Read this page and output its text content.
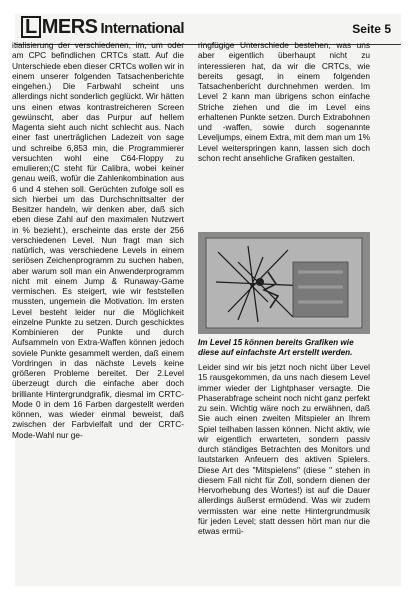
L MERS International	Seite 5

itialisierung der verschiedenen, im, um oder am CPC befindlichen CRTCs statt. Auf die Unterschiede eben dieser CRTCs wollen wir in einem unserer folgenden Tatsachenberichte eingehen.) Die Farbwahl scheint uns allerdings nicht sonderlich geglückt. Wir hätten uns einen etwas kontrastreicheren Screen gewünscht, aber das Purpur auf hellem Magenta sieht auch nicht schlecht aus. Nach einer fast unerträglichen Ladezeit von sage und schreibe 6,853 min, die Programmierer versuchten wohl eine C64-Floppy zu emulieren;(C steht für Calibra, wobei keiner genau weiß, wofür die Zahlenkombination aus 6 und 4 stehen soll. Gerüchten zufolge soll es sich hierbei um das Durchschnittsalter der Besitzer handeln, wir denken aber, daß sich eben diese Zahl auf den maximalen Nutzwert in % bezieht.), erscheinte das erste der 256 verschiedenen Level. Nun fragt man sich natürlich, was verschiedene Levels in einem seriösen Zeichenprogramm zu suchen haben, aber warum soll man ein Anwenderprogramm nicht mit einem Jump & Runaway-Game vermischen. Es steigert, wie wir feststellen mussten, ungemein die Motivation. Im ersten Level besteht leider nur die Möglichkeit einzelne Punkte zu setzen. Durch geschicktes Kombinieren der Punkte und durch Aufsammeln von Extra-Waffen können jedoch soviele Punkte gesammelt werden, daß einem Vordringen in das nächste Levels keine größeren Probleme bereitet. Der 2.Level überzeugt durch die einfache aber doch brilliante Hintergrundgrafik, diesmal im CRTC-Mode 0 in dem 16 Farben dargestellt werden können, was wieder einmal beweist, daß zwischen der Farbvielfalt und der CRTC-Mode-Wahl nur ge-

ringfügige Unterschiede bestehen, was uns aber eigentlich überhaupt nicht zu interessieren hat, da wir die CRTCs, wie bereits gesagt, in einem folgenden Tatsachenbericht durchnehmen werden. Im Level 2 kann man übrigens schon einfache Striche ziehen und die im Level eins erhaltenen Punkte setzen. Durch Extrabohnen und -waffen, sowie durch sogenannte Leveljumps, einem Extra, mit dem man um 1% Level weiterspringen kann, lassen sich doch schon recht ansehliche Grafiken gestalten.

Im Level 15 können bereits Grafiken wie diese auf einfachste Art erstellt werden.

Leider sind wir bis jetzt noch nicht über Level 15 rausgekommen, da uns nach diesem Level immer wieder der Lightphaser versagte. Die Phaserabfrage scheint noch nicht ganz perfekt zu sein. Wichtig wäre noch zu erwähnen, daß Sie auch einen zweiten Mitspieler an Ihrem Spiel teilhaben lassen können. Nicht aktiv, wie wir eigentlich erwarteten, sondern passiv durch ständiges Betrachten des Monitors und lautstarken Anfeuern des aktiven Spielers. Diese Art des "Mitspielens" (diese " stehen in diesem Fall nicht für Zoll, sondern dienen der Hervorhebung des Wortes!) ist auf die Dauer allerdings äußerst ermüdend. Was wir zudem vermissten war eine nette Hintergrundmusik für jeden Level; statt dessen hört man nur die etwas ermü-
